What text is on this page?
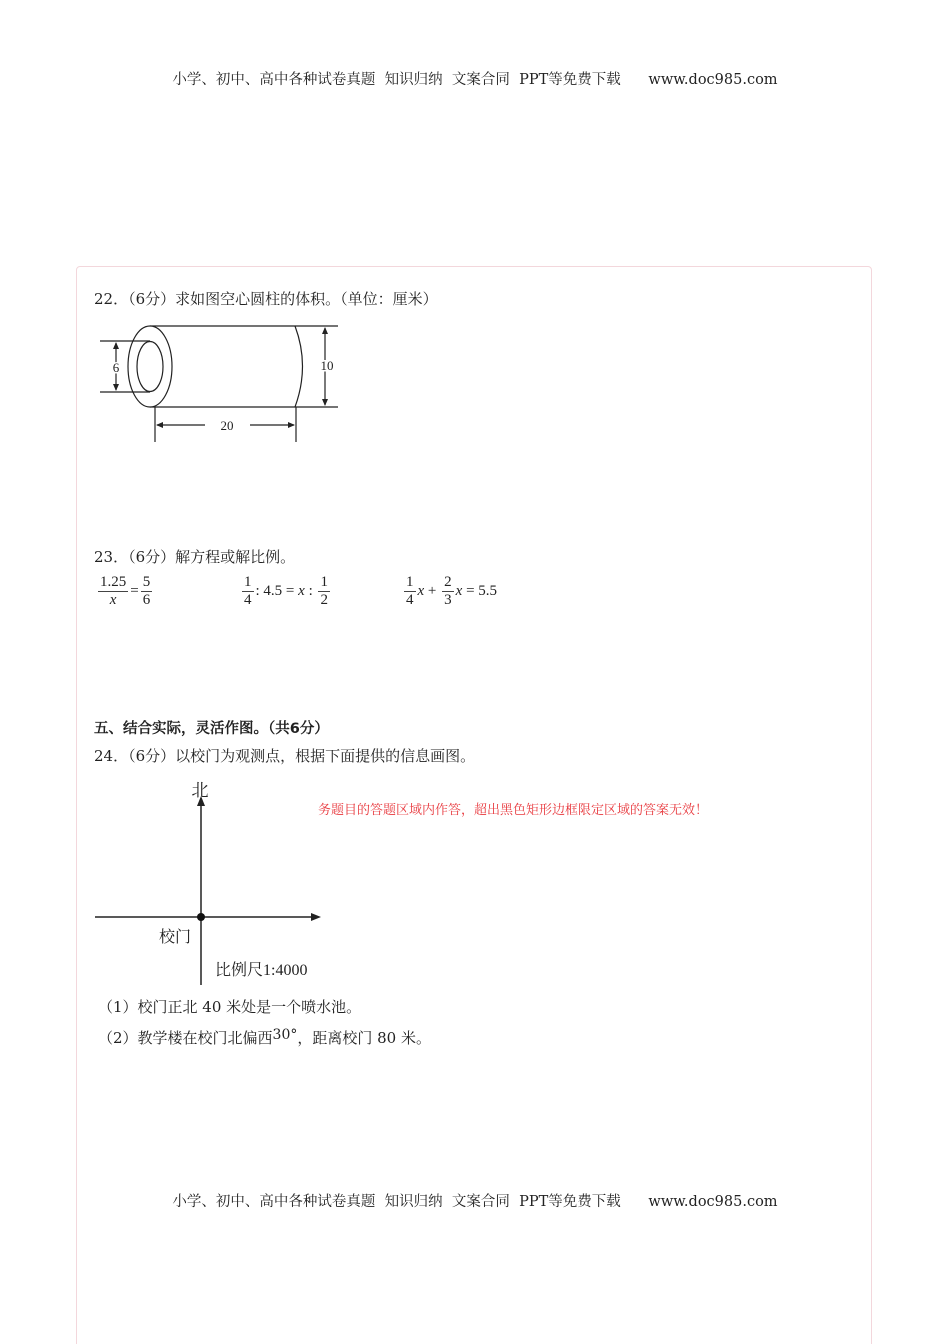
小学、初中、高中各种试卷真题  知识归纳  文案合同  PPT等免费下载      www.doc985.com
22．（6分）求如图空心圆柱的体积。（单位：厘米）
6	10
20
23．（6分）解方程或解比例。
$\frac{1.25}{x} = \frac{5}{6}$	1
4
: 4.5 = x :
1
2
1
4
$x + \frac{2}{3}$ x = 5.5
五、结合实际，灵活作图。（共6分）
24．（6分）以校门为观测点，根据下面提供的信息画图。
北
校门
比例尺1:4000
务题目的答题区域内作答，超出黑色矩形边框限定区域的答案无效！
（1）校门正北 40 米处是一个喷水池。
（2）教学楼在校门北偏西30°，距离校门 80 米。
小学、初中、高中各种试卷真题  知识归纳  文案合同  PPT等免费下载      www.doc985.com
